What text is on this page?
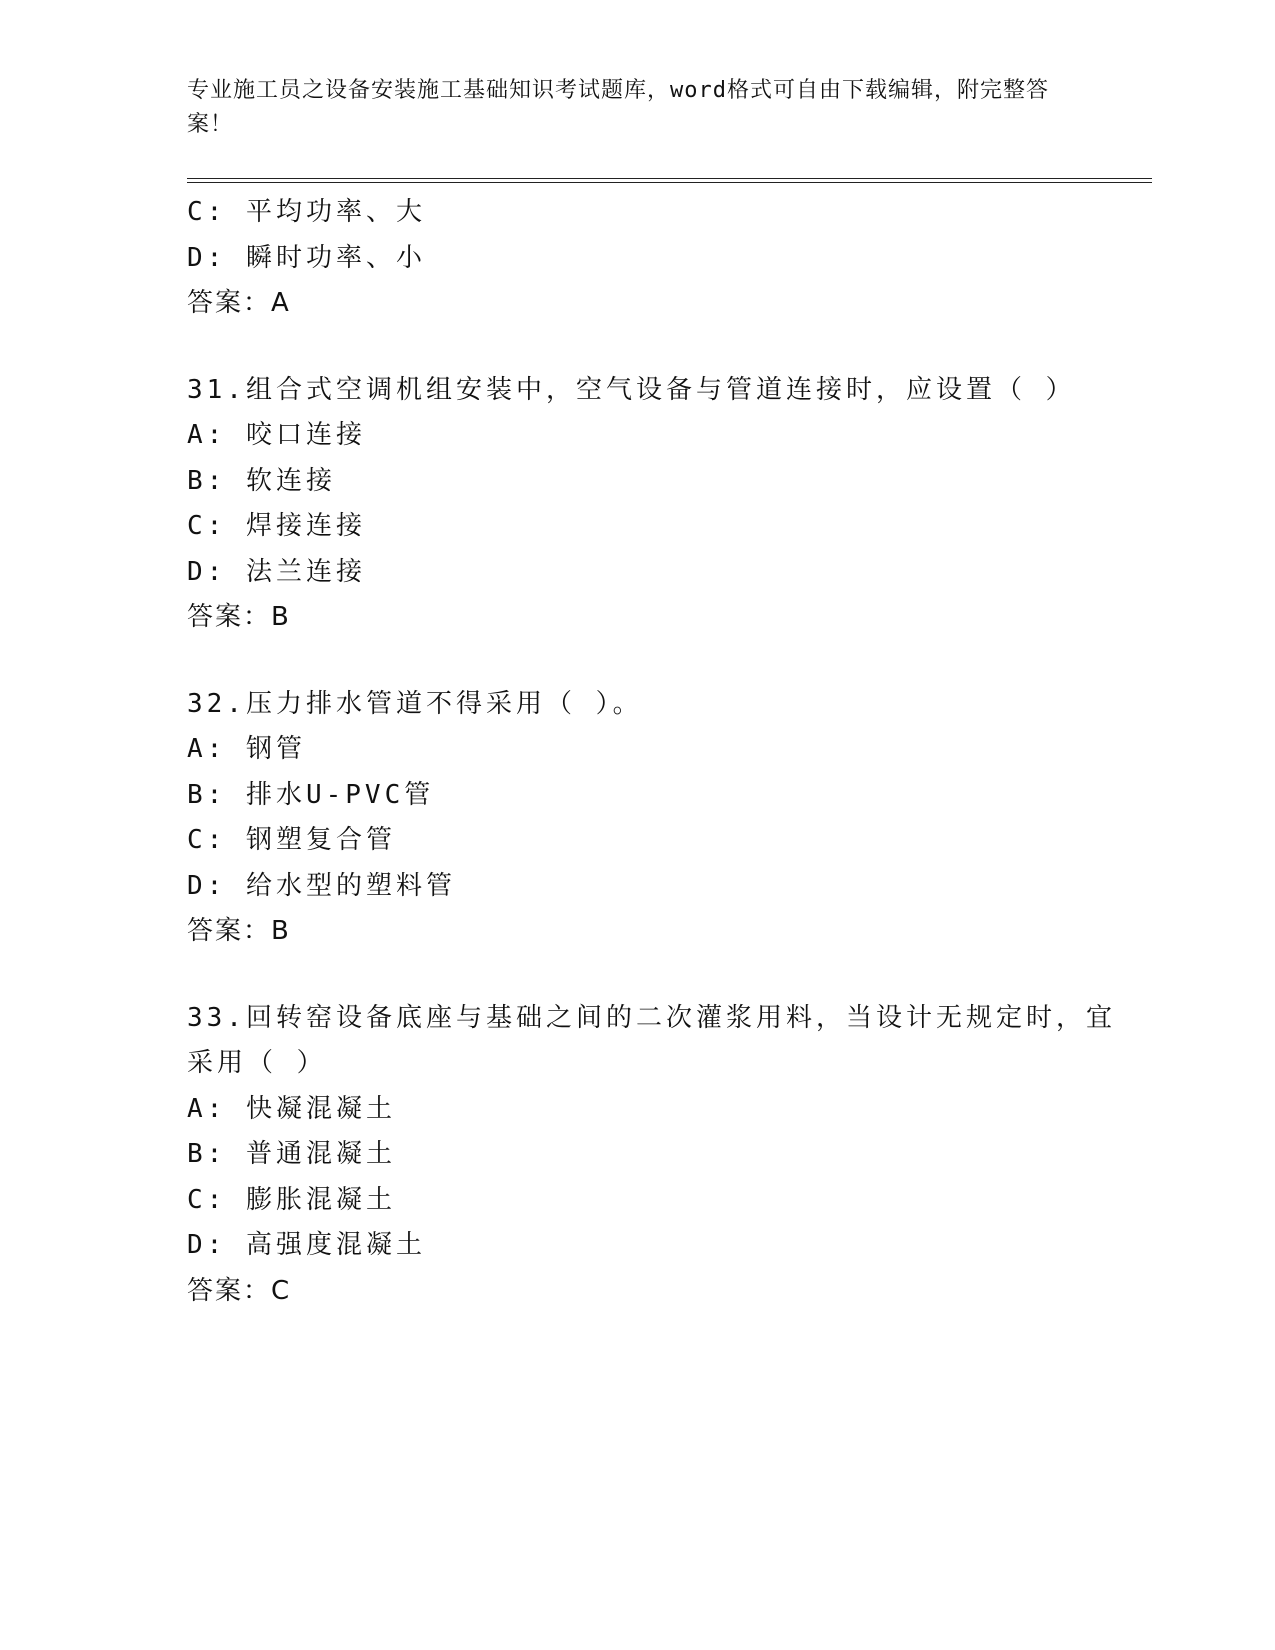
专业施工员之设备安装施工基础知识考试题库，word格式可自由下载编辑，附完整答案！
C: 平均功率、大
D: 瞬时功率、小
答案：A
31.组合式空调机组安装中，空气设备与管道连接时，应设置（ ）
A: 咬口连接
B: 软连接
C: 焊接连接
D: 法兰连接
答案：B
32.压力排水管道不得采用（ ）。
A: 钢管
B: 排水U-PVC管
C: 钢塑复合管
D: 给水型的塑料管
答案：B
33.回转窑设备底座与基础之间的二次灌浆用料，当设计无规定时，宜
采用（ ）
A: 快凝混凝土
B: 普通混凝土
C: 膨胀混凝土
D: 高强度混凝土
答案：C
